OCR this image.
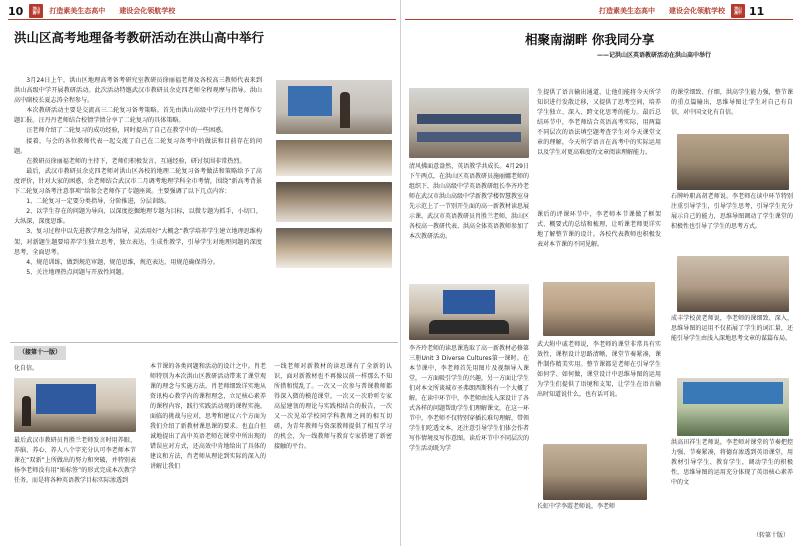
10 洪山
高中 打造素美生态高中 建设会化领航学校
洪山区高考地理备考教研活动在洪山高中举行

3月24日上午，洪山区地理高考备考研究室教研员徐丽福老师及各校高三教师代表来到洪山高级中学开展教研活动。此次活动特邀武汉市教研员余克四老师全程观摩与指导。洪山高中副校长夏志涛全程参与。

本次教研活动主要是交流高三二轮复习备考策略。首先由洪山高级中学汪丹丹老师作专题汇报。汪丹丹老师结合校情学情分享了二轮复习的具体策略。

汪老师介绍了二轮复习的成功经验，同时提出了自己在教学中的一些困惑。

接着，与会的各位教师代表一起交流了自己在二轮复习备考中的做法和目前存在的问题。

在教研员徐丽福老师的主持下，老师们积极发言，互通经验，研讨氛围非常热烈。

最后，武汉市教研员余克四老师对洪山区各校的地理二轮复习备考做法和策略给予了高度评价，针对大家的困惑，余老师结合武汉市二月调考地理学科全市考情，围绕“新高考背景下二轮复习备考注意事项”给参会老师作了专题座谈。主要强调了以下几点内容：

1、二轮复习一定要分类指导，分阶推进，分层训练。

2、以学生存在的问题为导向，以深度挖掘地理专题为目标，以微专题为抓手，小切口，大纵深，深度思维。

3、复习过程中以先进教学理念为指导，灵活用好“大概念”教学培养学生建立地理思维构架，对新题生题要培养学生独立思考，独立表达，生成性教学，引导学生对地理问题的深度思考，全面思考。

4、规范训练，做到规范审题，规范思维，规范表达，用规范确保得分。

5、关注地理热点问题与开放性问题。

（接第十一版）
化自信。
最后武汉市教研员肖胜兰老师发言时用养眼、养脑、养心、养人八个字充分认可李老师本节课在“双新”上所做出的努力和突破，并特别表扬李老师没有用“贴标签”的形式完成本次教学任务，而是将各种英语教学目标实际渗透到
本节课的各类问题和活动的设计之中。肖老师特别为本次洪山区教研活动带来了课堂观课的理念与实施方法。肖老师细致详实地从资讯构心教学内的课程理念，立足核心素养的课程内容，践行实践活动观的课程实施，面临的挑战与应对，思考和建议六个方面为我们介绍了新教材课思课的要求。也直白但诚地提出了高中英语老师在课堂中所出现的错误应对方式，还高效中肯地给出了具体的建议和方法，肖老师从理论到实际的深入的讲解让我们
一线老师对新教材的读思课有了全新的认识，面对新教材也不再像以前一样那么不知所措和慌乱了。一次又一次参与普课教师都得深入微的模范课堂，一次又一次聆听专家高屋建瓴的理论与实践相结合的报告，一次又一次见弟学校同学科教师之间的相互切磋，为青年教师与资深教师提供了相互学习的机会，为一线教师与教育专家搭建了新密接触的平台。
打造素美生态高中 建设会化领航学校 洪山
高中 11
相聚南湖畔 你我同分享
——记洪山区英语教研活动在洪山高中举行
清风拂面意盎然，英语教学共成长。4月29日下午两点，在洪山区英语教研员施丽娜老师的组织下，洪山高级中学英语教研组长李齐玲老师在武汉市洪山高级中学新教学楼智慧教室身先示范上了一节别开生面的高一新教材读思展示课。武汉市英语教研员肖胜兰老师，洪山区各校高一教研代表、洪高全体英语教师参加了本次教研活动。
李齐玲老师的读思课选取了高一新教材必修第三册Unit 3 Diverse Cultures第一课时。在本节课中，李老师首先用图片及视频导入课堂，一方面吸引学生的兴趣，另一方面让学生们对本文所谈城市圣弗朗西斯科有一个大概了解。在读中环节中，李老师由浅入深设计了各式各样的问题帮助学生们理解课文，在这一环节中，李老师不仅特别穿插长难句理解，带领学生们吃透文本，还注意引导学生们体会作者写作情境及写作意图。读后环节中不同层次的学生活动既为学
生提供了语言输出通道，让他们能将今天所学知识进行发散迁移，又提供了思考空间，培养学生独立、深入、跨文化思考的能力。最后总结环节中，李老师结合英语高考实际，用两篇不同层次的语法填空题考查学生对今天课堂文章的理解，今天所学语言在高考中的实际运用以及学生对更高难度的文章阅读理解能力。
课后的评课环节中，李老师本节课做了框架式、概要式的总结和梳理，让听课老师更详实地了解整节课的设计。各校代表教师也积极发表对本节课的不同见解。
武大附中戚老师说，李老师的课堂非常具有实效性，课程设计思路清晰，课堂节奏紧凑，课件制作精美实用。整节课都是老师在引导学生如何学、如何做，课堂设计中思维导图的运用为学生们提供了语境和支架，让学生在语言输出时知道说什么，也有话可说。
长虹中学李霞老师说，李老师
的课堂细致、仔细，洪高学生能力强，整节课的重点篇输出，思维导图让学生对自己有自信，对中国文化有自信。
石牌岭职高胡老师说，李老师在读中环节特别注重引导学生，引导学生思考，引导学生充分展示自己的能力，思维导图调动了学生课堂的积极性也引导了学生的思考方式。
成丰学校黄老师说，李老师的课细致、深入，思维导图的运用不仅拓展了学生的词汇量，还能引导学生由浅入深地思考文章的谋篇布局。
洪高田祥生老师说，李老师对课堂的节奏把控力强、节奏紧凑，将德育渗透到英语课堂，用教材引导学生、教育学生，调动学生的积极性，思维导图的运用充分体现了英语核心素养中的文
（转第十版）
